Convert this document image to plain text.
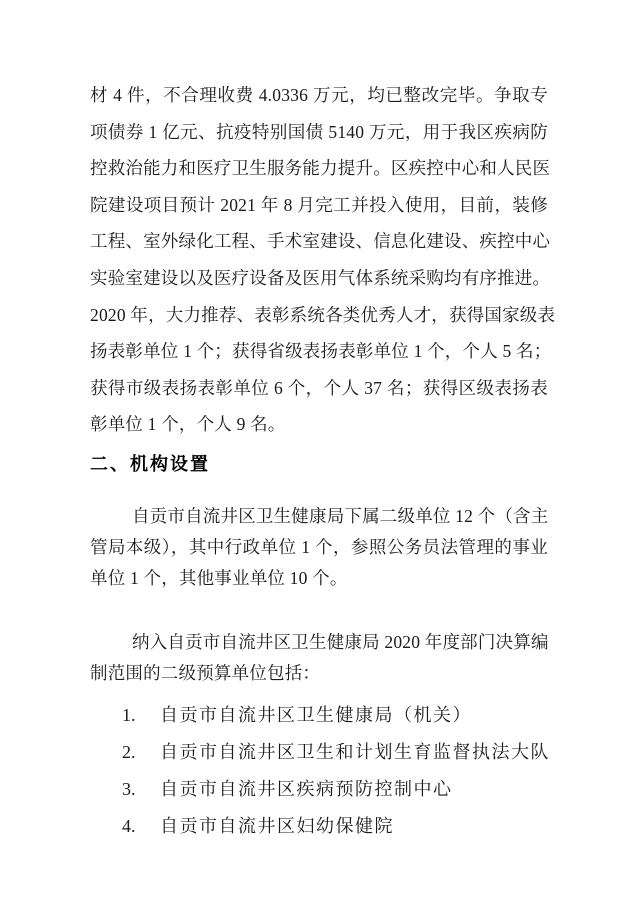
材 4 件，不合理收费 4.0336 万元，均已整改完毕。争取专
项债券 1 亿元、抗疫特别国债 5140 万元，用于我区疾病防
控救治能力和医疗卫生服务能力提升。区疾控中心和人民医
院建设项目预计 2021 年 8 月完工并投入使用，目前，装修
工程、室外绿化工程、手术室建设、信息化建设、疾控中心
实验室建设以及医疗设备及医用气体系统采购均有序推进。
2020 年，大力推荐、表彰系统各类优秀人才，获得国家级表
扬表彰单位 1 个；获得省级表扬表彰单位 1 个，个人 5 名；
获得市级表扬表彰单位 6 个，个人 37 名；获得区级表扬表
彰单位 1 个，个人 9 名。
二、机构设置
自贡市自流井区卫生健康局下属二级单位 12 个（含主
管局本级），其中行政单位 1 个，参照公务员法管理的事业
单位 1 个，其他事业单位 10 个。
纳入自贡市自流井区卫生健康局 2020 年度部门决算编
制范围的二级预算单位包括：
1.	自贡市自流井区卫生健康局（机关）
2.	自贡市自流井区卫生和计划生育监督执法大队
3.	自贡市自流井区疾病预防控制中心
4.	自贡市自流井区妇幼保健院
